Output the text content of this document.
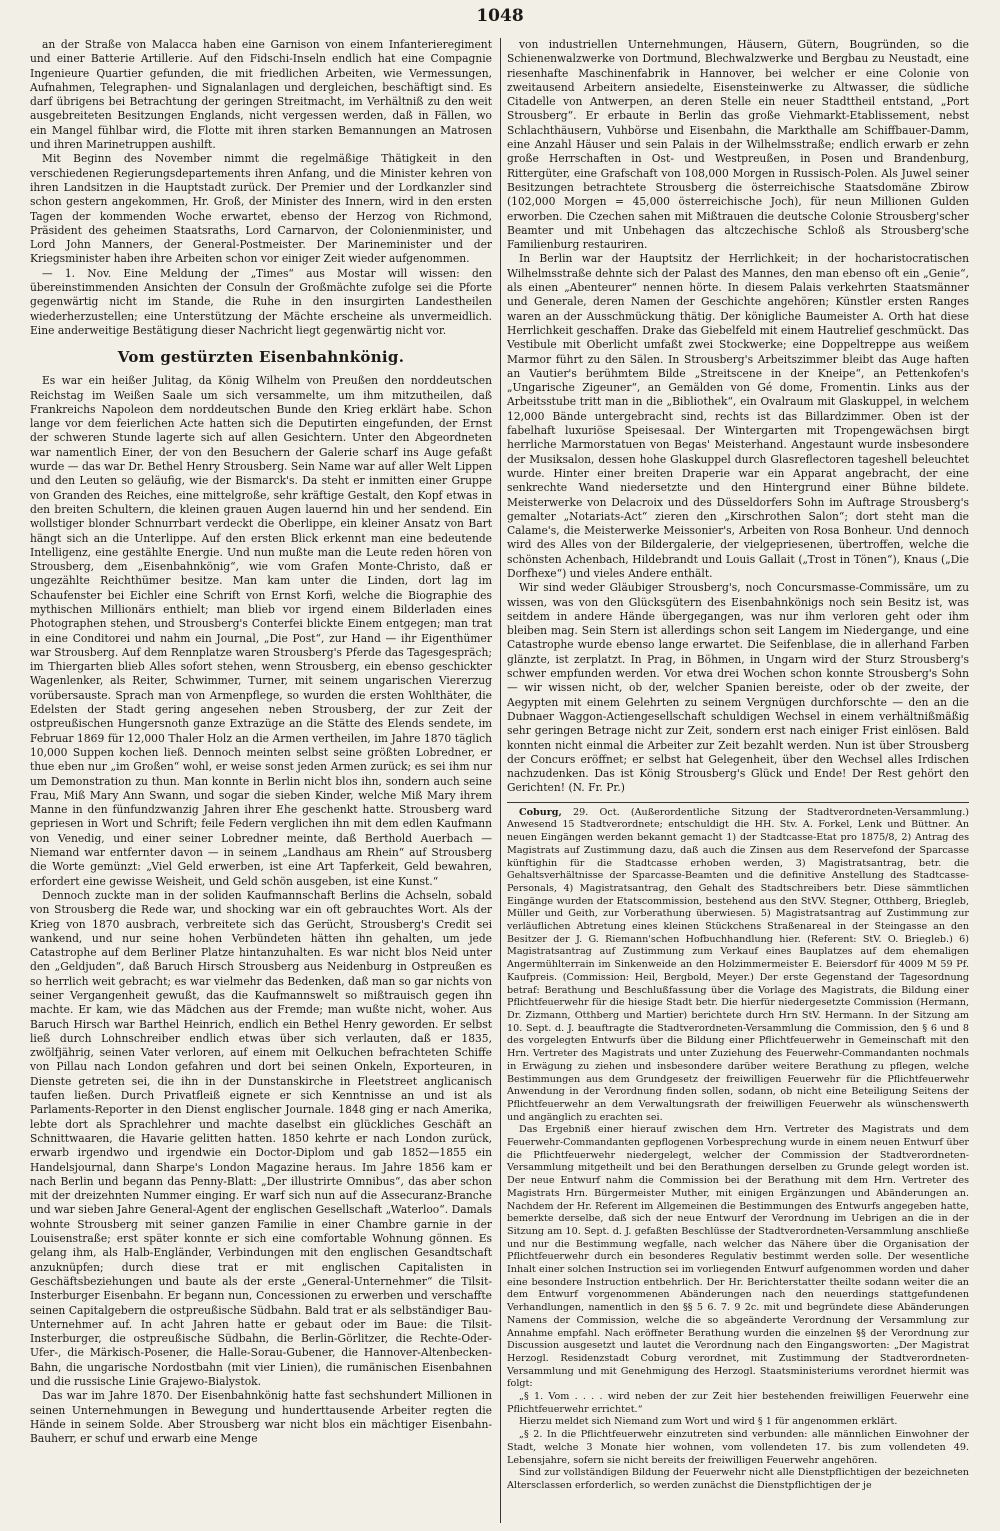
1048

an der Straße von Malacca haben eine Garnison von einem Infanterieregiment und einer Batterie Artillerie. Auf den Fidschi-Inseln endlich hat eine Compagnie Ingenieure Quartier gefunden, die mit friedlichen Arbeiten, wie Vermessungen, Aufnahmen, Telegraphen- und Signalanlagen und dergleichen, beschäftigt sind. Es darf übrigens bei Betrachtung der geringen Streitmacht, im Verhältniß zu den weit ausgebreiteten Besitzungen Englands, nicht vergessen werden, daß in Fällen, wo ein Mangel fühlbar wird, die Flotte mit ihren starken Bemannungen an Matrosen und ihren Marinetruppen aushilft.

Mit Beginn des November nimmt die regelmäßige Thätigkeit in den verschiedenen Regierungsdepartements ihren Anfang, und die Minister kehren von ihren Landsitzen in die Hauptstadt zurück. Der Premier und der Lordkanzler sind schon gestern angekommen, Hr. Groß, der Minister des Innern, wird in den ersten Tagen der kommenden Woche erwartet, ebenso der Herzog von Richmond, Präsident des geheimen Staatsraths, Lord Carnarvon, der Colonienminister, und Lord John Manners, der General-Postmeister. Der Marineminister und der Kriegsminister haben ihre Arbeiten schon vor einiger Zeit wieder aufgenommen.

— 1. Nov. Eine Meldung der „Times“ aus Mostar will wissen: den übereinstimmenden Ansichten der Consuln der Großmächte zufolge sei die Pforte gegenwärtig nicht im Stande, die Ruhe in den insurgirten Landestheilen wiederherzustellen; eine Unterstützung der Mächte erscheine als unvermeidlich. Eine anderweitige Bestätigung dieser Nachricht liegt gegenwärtig nicht vor.

Vom gestürzten Eisenbahnkönig.

Es war ein heißer Julitag, da König Wilhelm von Preußen den norddeutschen Reichstag im Weißen Saale um sich versammelte, um ihm mitzutheilen, daß Frankreichs Napoleon dem norddeutschen Bunde den Krieg erklärt habe. Schon lange vor dem feierlichen Acte hatten sich die Deputirten eingefunden, der Ernst der schweren Stunde lagerte sich auf allen Gesichtern. Unter den Abgeordneten war namentlich Einer, der von den Besuchern der Galerie scharf ins Auge gefaßt wurde — das war Dr. Bethel Henry Strousberg. Sein Name war auf aller Welt Lippen und den Leuten so geläufig, wie der Bismarck's. Da steht er inmitten einer Gruppe von Granden des Reiches, eine mittelgroße, sehr kräftige Gestalt, den Kopf etwas in den breiten Schultern, die kleinen grauen Augen lauernd hin und her sendend. Ein wollstiger blonder Schnurrbart verdeckt die Oberlippe, ein kleiner Ansatz von Bart hängt sich an die Unterlippe. Auf den ersten Blick erkennt man eine bedeutende Intelligenz, eine gestählte Energie. Und nun mußte man die Leute reden hören von Strousberg, dem „Eisenbahnkönig“, wie vom Grafen Monte-Christo, daß er ungezählte Reichthümer besitze. Man kam unter die Linden, dort lag im Schaufenster bei Eichler eine Schrift von Ernst Korfi, welche die Biographie des mythischen Millionärs enthielt; man blieb vor irgend einem Bilderladen eines Photographen stehen, und Strousberg's Conterfei blickte Einem entgegen; man trat in eine Conditorei und nahm ein Journal, „Die Post“, zur Hand — ihr Eigenthümer war Strousberg. Auf dem Rennplatze waren Strousberg's Pferde das Tagesgespräch; im Thiergarten blieb Alles sofort stehen, wenn Strousberg, ein ebenso geschickter Wagenlenker, als Reiter, Schwimmer, Turner, mit seinem ungarischen Viererzug vorübersauste. Sprach man von Armenpflege, so wurden die ersten Wohlthäter, die Edelsten der Stadt gering angesehen neben Strousberg, der zur Zeit der ostpreußischen Hungersnoth ganze Extrazüge an die Stätte des Elends sendete, im Februar 1869 für 12,000 Thaler Holz an die Armen vertheilen, im Jahre 1870 täglich 10,000 Suppen kochen ließ. Dennoch meinten selbst seine größten Lobredner, er thue eben nur „im Großen“ wohl, er weise sonst jeden Armen zurück; es sei ihm nur um Demonstration zu thun. Man konnte in Berlin nicht blos ihn, sondern auch seine Frau, Miß Mary Ann Swann, und sogar die sieben Kinder, welche Miß Mary ihrem Manne in den fünfundzwanzig Jahren ihrer Ehe geschenkt hatte. Strousberg ward gepriesen in Wort und Schrift; feile Federn verglichen ihn mit dem edlen Kaufmann von Venedig, und einer seiner Lobredner meinte, daß Berthold Auerbach — Niemand war entfernter davon — in seinem „Landhaus am Rhein“ auf Strousberg die Worte gemünzt: „Viel Geld erwerben, ist eine Art Tapferkeit, Geld bewahren, erfordert eine gewisse Weisheit, und Geld schön ausgeben, ist eine Kunst.“

Dennoch zuckte man in der soliden Kaufmannschaft Berlins die Achseln, sobald von Strousberg die Rede war, und shocking war ein oft gebrauchtes Wort. Als der Krieg von 1870 ausbrach, verbreitete sich das Gerücht, Strousberg's Credit sei wankend, und nur seine hohen Verbündeten hätten ihn gehalten, um jede Catastrophe auf dem Berliner Platze hintanzuhalten. Es war nicht blos Neid unter den „Geldjuden“, daß Baruch Hirsch Strousberg aus Neidenburg in Ostpreußen es so herrlich weit gebracht; es war vielmehr das Bedenken, daß man so gar nichts von seiner Vergangenheit gewußt, das die Kaufmannswelt so mißtrauisch gegen ihn machte. Er kam, wie das Mädchen aus der Fremde; man wußte nicht, woher. Aus Baruch Hirsch war Barthel Heinrich, endlich ein Bethel Henry geworden. Er selbst ließ durch Lohnschreiber endlich etwas über sich verlauten, daß er 1835, zwölfjährig, seinen Vater verloren, auf einem mit Oelkuchen befrachteten Schiffe von Pillau nach London gefahren und dort bei seinen Onkeln, Exporteuren, in Dienste getreten sei, die ihn in der Dunstanskirche in Fleetstreet anglicanisch taufen ließen. Durch Privatfleiß eignete er sich Kenntnisse an und ist als Parlaments-Reporter in den Dienst englischer Journale. 1848 ging er nach Amerika, lebte dort als Sprachlehrer und machte daselbst ein glückliches Geschäft an Schnittwaaren, die Havarie gelitten hatten. 1850 kehrte er nach London zurück, erwarb irgendwo und irgendwie ein Doctor-Diplom und gab 1852—1855 ein Handelsjournal, dann Sharpe's London Magazine heraus. Im Jahre 1856 kam er nach Berlin und begann das Penny-Blatt: „Der illustrirte Omnibus“, das aber schon mit der dreizehnten Nummer einging. Er warf sich nun auf die Assecuranz-Branche und war sieben Jahre General-Agent der englischen Gesellschaft „Waterloo“. Damals wohnte Strousberg mit seiner ganzen Familie in einer Chambre garnie in der Louisenstraße; erst später konnte er sich eine comfortable Wohnung gönnen. Es gelang ihm, als Halb-Engländer, Verbindungen mit den englischen Gesandtschaft anzuknüpfen; durch diese trat er mit englischen Capitalisten in Geschäftsbeziehungen und baute als der erste „General-Unternehmer“ die Tilsit-Insterburger Eisenbahn. Er begann nun, Concessionen zu erwerben und verschaffte seinen Capitalgebern die ostpreußische Südbahn. Bald trat er als selbständiger Bau-Unternehmer auf. In acht Jahren hatte er gebaut oder im Baue: die Tilsit-Insterburger, die ostpreußische Südbahn, die Berlin-Görlitzer, die Rechte-Oder-Ufer-, die Märkisch-Posener, die Halle-Sorau-Gubener, die Hannover-Altenbecken-Bahn, die ungarische Nordostbahn (mit vier Linien), die rumänischen Eisenbahnen und die russische Linie Grajewo-Bialystok.

Das war im Jahre 1870. Der Eisenbahnkönig hatte fast sechshundert Millionen in seinen Unternehmungen in Bewegung und hunderttausende Arbeiter regten die Hände in seinem Solde. Aber Strousberg war nicht blos ein mächtiger Eisenbahn-Bauherr, er schuf und erwarb eine Menge

von industriellen Unternehmungen, Häusern, Gütern, Bougründen, so die Schienenwalzwerke von Dortmund, Blechwalzwerke und Bergbau zu Neustadt, eine riesenhafte Maschinenfabrik in Hannover, bei welcher er eine Colonie von zweitausend Arbeitern ansiedelte, Eisensteinwerke zu Altwasser, die südliche Citadelle von Antwerpen, an deren Stelle ein neuer Stadttheil entstand, „Port Strousberg“. Er erbaute in Berlin das große Viehmarkt-Etablissement, nebst Schlachthäusern, Vuhbörse und Eisenbahn, die Markthalle am Schiffbauer-Damm, eine Anzahl Häuser und sein Palais in der Wilhelmsstraße; endlich erwarb er zehn große Herrschaften in Ost- und Westpreußen, in Posen und Brandenburg, Rittergüter, eine Grafschaft von 108,000 Morgen in Russisch-Polen. Als Juwel seiner Besitzungen betrachtete Strousberg die österreichische Staatsdomäne Zbirow (102,000 Morgen = 45,000 österreichische Joch), für neun Millionen Gulden erworben. Die Czechen sahen mit Mißtrauen die deutsche Colonie Strousberg'scher Beamter und mit Unbehagen das altczechische Schloß als Strousberg'sche Familienburg restauriren.

In Berlin war der Hauptsitz der Herrlichkeit; in der hocharistocratischen Wilhelmsstraße dehnte sich der Palast des Mannes, den man ebenso oft ein „Genie“, als einen „Abenteurer“ nennen hörte. In diesem Palais verkehrten Staatsmänner und Generale, deren Namen der Geschichte angehören; Künstler ersten Ranges waren an der Ausschmückung thätig. Der königliche Baumeister A. Orth hat diese Herrlichkeit geschaffen. Drake das Giebelfeld mit einem Hautrelief geschmückt. Das Vestibule mit Oberlicht umfaßt zwei Stockwerke; eine Doppeltreppe aus weißem Marmor führt zu den Sälen. In Strousberg's Arbeitszimmer bleibt das Auge haften an Vautier's berühmtem Bilde „Streitscene in der Kneipe“, an Pettenkofen's „Ungarische Zigeuner“, an Gemälden von Gé dome, Fromentin. Links aus der Arbeitsstube tritt man in die „Bibliothek“, ein Ovalraum mit Glaskuppel, in welchem 12,000 Bände untergebracht sind, rechts ist das Billardzimmer. Oben ist der fabelhaft luxuriöse Speisesaal. Der Wintergarten mit Tropengewächsen birgt herrliche Marmorstatuen von Begas' Meisterhand. Angestaunt wurde insbesondere der Musiksalon, dessen hohe Glaskuppel durch Glasreflectoren tageshell beleuchtet wurde. Hinter einer breiten Draperie war ein Apparat angebracht, der eine senkrechte Wand niedersetzte und den Hintergrund einer Bühne bildete. Meisterwerke von Delacroix und des Düsseldorfers Sohn im Auftrage Strousberg's gemalter „Notariats-Act“ zieren den „Kirschrothen Salon“; dort steht man die Calame's, die Meisterwerke Meissonier's, Arbeiten von Rosa Bonheur. Und dennoch wird des Alles von der Bildergalerie, der vielgepriesenen, übertroffen, welche die schönsten Achenbach, Hildebrandt und Louis Gallait („Trost in Tönen“), Knaus („Die Dorfhexe“) und vieles Andere enthält.

Wir sind weder Gläubiger Strousberg's, noch Concursmasse-Commissäre, um zu wissen, was von den Glücksgütern des Eisenbahnkönigs noch sein Besitz ist, was seitdem in andere Hände übergegangen, was nur ihm verloren geht oder ihm bleiben mag. Sein Stern ist allerdings schon seit Langem im Niedergange, und eine Catastrophe wurde ebenso lange erwartet. Die Seifenblase, die in allerhand Farben glänzte, ist zerplatzt. In Prag, in Böhmen, in Ungarn wird der Sturz Strousberg's schwer empfunden werden. Vor etwa drei Wochen schon konnte Strousberg's Sohn — wir wissen nicht, ob der, welcher Spanien bereiste, oder ob der zweite, der Aegypten mit einem Gelehrten zu seinem Vergnügen durchforschte — den an die Dubnaer Waggon-Actiengesellschaft schuldigen Wechsel in einem verhältnißmäßig sehr geringen Betrage nicht zur Zeit, sondern erst nach einiger Frist einlösen. Bald konnten nicht einmal die Arbeiter zur Zeit bezahlt werden. Nun ist über Strousberg der Concurs eröffnet; er selbst hat Gelegenheit, über den Wechsel alles Irdischen nachzudenken. Das ist König Strousberg's Glück und Ende! Der Rest gehört den Gerichten! (N. Fr. Pr.)

Coburg, 29. Oct. (Außerordentliche Sitzung der Stadtverordneten-Versammlung.) Anwesend 15 Stadtverordnete; entschuldigt die HH. Stv. A. Forkel, Lenk und Büttner. An neuen Eingängen werden bekannt gemacht 1) der Stadtcasse-Etat pro 1875/8, 2) Antrag des Magistrats auf Zustimmung dazu, daß auch die Zinsen aus dem Reservefond der Sparcasse künftighin für die Stadtcasse erhoben werden, 3) Magistratsantrag, betr. die Gehaltsverhältnisse der Sparcasse-Beamten und die definitive Anstellung des Stadtcasse-Personals, 4) Magistratsantrag, den Gehalt des Stadtschreibers betr. Diese sämmtlichen Eingänge wurden der Etatscommission, bestehend aus den StVV. Stegner, Otthberg, Briegleb, Müller und Geith, zur Vorberathung überwiesen. 5) Magistratsantrag auf Zustimmung zur verläuflichen Abtretung eines kleinen Stückchens Straßenareal in der Steingasse an den Besitzer der J. G. Riemann'schen Hofbuchhandlung hier. (Referent: StV. O. Briegleb.) 6) Magistratsantrag auf Zustimmung zum Verkauf eines Bauplatzes auf dem ehemaligen Angermühlterrain im Sinkenweide an den Holzimmermeister E. Beiersdorf für 4009 M 59 Pf. Kaufpreis. (Commission: Heil, Bergbold, Meyer.) Der erste Gegenstand der Tagesordnung betraf: Berathung und Beschlußfassung über die Vorlage des Magistrats, die Bildung einer Pflichtfeuerwehr für die hiesige Stadt betr. Die hierfür niedergesetzte Commission (Hermann, Dr. Zizmann, Otthberg und Martier) berichtete durch Hrn StV. Hermann. In der Sitzung am 10. Sept. d. J. beauftragte die Stadtverordneten-Versammlung die Commission, den § 6 und 8 des vorgelegten Entwurfs über die Bildung einer Pflichtfeuerwehr in Gemeinschaft mit den Hrn. Vertreter des Magistrats und unter Zuziehung des Feuerwehr-Commandanten nochmals in Erwägung zu ziehen und insbesondere darüber weitere Berathung zu pflegen, welche Bestimmungen aus dem Grundgesetz der freiwilligen Feuerwehr für die Pflichtfeuerwehr Anwendung in der Verordnung finden sollen, sodann, ob nicht eine Beteiligung Seitens der Pflichtfeuerwehr an dem Verwaltungsrath der freiwilligen Feuerwehr als wünschenswerth und angänglich zu erachten sei.

Das Ergebniß einer hierauf zwischen dem Hrn. Vertreter des Magistrats und dem Feuerwehr-Commandanten gepflogenen Vorbesprechung wurde in einem neuen Entwurf über die Pflichtfeuerwehr niedergelegt, welcher der Commission der Stadtverordneten-Versammlung mitgetheilt und bei den Berathungen derselben zu Grunde gelegt worden ist. Der neue Entwurf nahm die Commission bei der Berathung mit dem Hrn. Vertreter des Magistrats Hrn. Bürgermeister Muther, mit einigen Ergänzungen und Abänderungen an. Nachdem der Hr. Referent im Allgemeinen die Bestimmungen des Entwurfs angegeben hatte, bemerkte derselbe, daß sich der neue Entwurf der Verordnung im Uebrigen an die in der Sitzung am 10. Sept. d. J. gefaßten Beschlüsse der Stadtverordneten-Versammlung anschließe und nur die Bestimmung wegfalle, nach welcher das Nähere über die Organisation der Pflichtfeuerwehr durch ein besonderes Regulativ bestimmt werden solle. Der wesentliche Inhalt einer solchen Instruction sei im vorliegenden Entwurf aufgenommen worden und daher eine besondere Instruction entbehrlich. Der Hr. Berichterstatter theilte sodann weiter die an dem Entwurf vorgenommenen Abänderungen nach den neuerdings stattgefundenen Verhandlungen, namentlich in den §§ 5 6. 7. 9 2c. mit und begründete diese Abänderungen Namens der Commission, welche die so abgeänderte Verordnung der Versammlung zur Annahme empfahl. Nach eröffneter Berathung wurden die einzelnen §§ der Verordnung zur Discussion ausgesetzt und lautet die Verordnung nach den Eingangsworten: „Der Magistrat Herzogl. Residenzstadt Coburg verordnet, mit Zustimmung der Stadtverordneten-Versammlung und mit Genehmigung des Herzogl. Staatsministeriums verordnet hiermit was folgt:

„§ 1. Vom . . . . wird neben der zur Zeit hier bestehenden freiwilligen Feuerwehr eine Pflichtfeuerwehr errichtet.“

Hierzu meldet sich Niemand zum Wort und wird § 1 für angenommen erklärt.

„§ 2. In die Pflichtfeuerwehr einzutreten sind verbunden: alle männlichen Einwohner der Stadt, welche 3 Monate hier wohnen, vom vollendeten 17. bis zum vollendeten 49. Lebensjahre, sofern sie nicht bereits der freiwilligen Feuerwehr angehören.

Sind zur vollständigen Bildung der Feuerwehr nicht alle Dienstpflichtigen der bezeichneten Altersclassen erforderlich, so werden zunächst die Dienstpflichtigen der je
